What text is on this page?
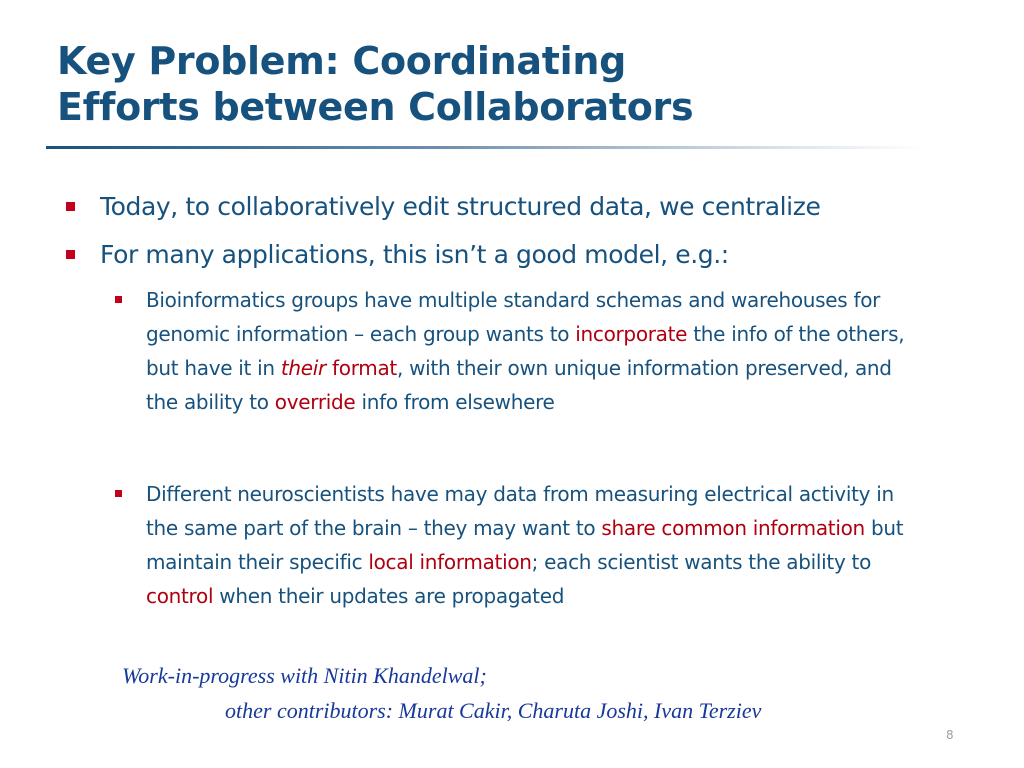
Key Problem: Coordinating
Efforts between Collaborators
Today, to collaboratively edit structured data, we centralize
For many applications, this isn’t a good model, e.g.:
Bioinformatics groups have multiple standard schemas and warehouses for genomic information – each group wants to incorporate the info of the others, but have it in their format, with their own unique information preserved, and the ability to override info from elsewhere
Different neuroscientists have may data from measuring electrical activity in the same part of the brain – they may want to share common information but maintain their specific local information; each scientist wants the ability to control when their updates are propagated
Work-in-progress with Nitin Khandelwal;
other contributors: Murat Cakir, Charuta Joshi, Ivan Terziev
8
